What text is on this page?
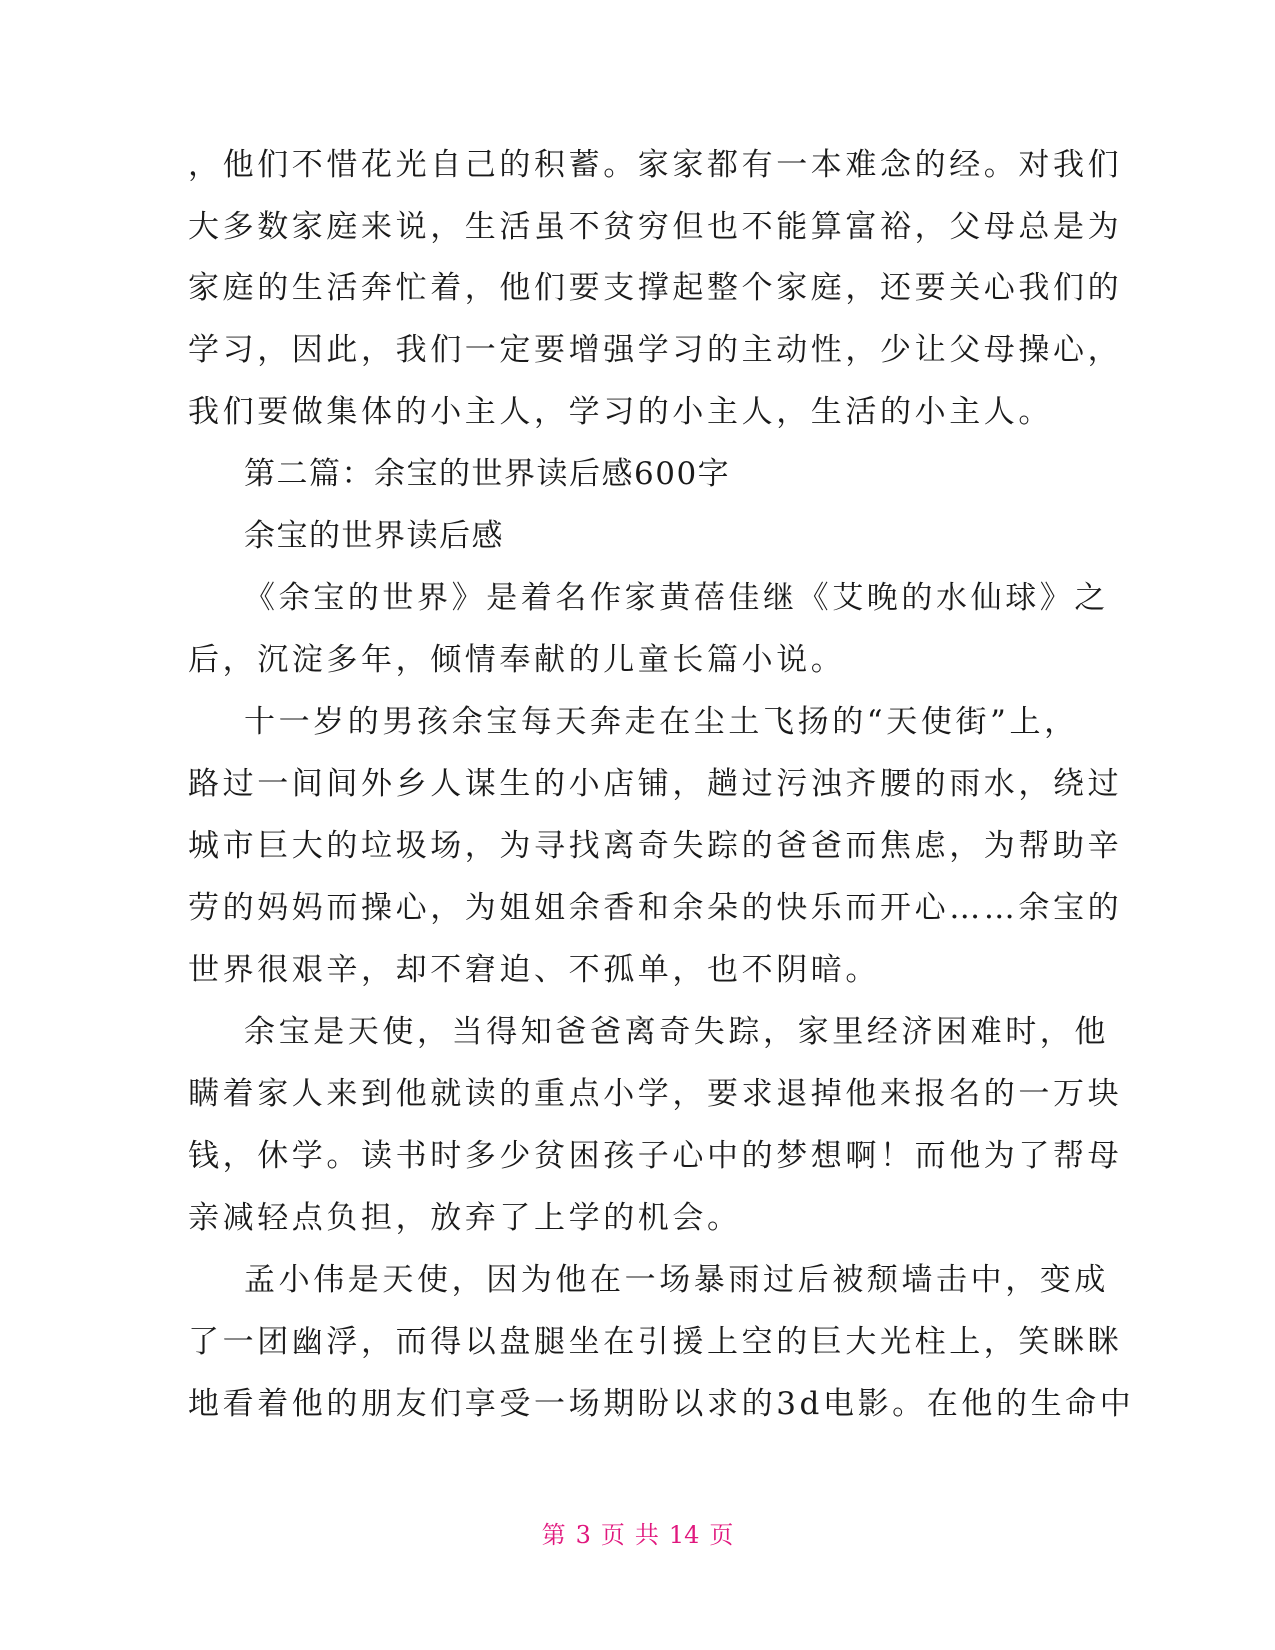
，他们不惜花光自己的积蓄。家家都有一本难念的经。对我们
大多数家庭来说，生活虽不贫穷但也不能算富裕，父母总是为
家庭的生活奔忙着，他们要支撑起整个家庭，还要关心我们的
学习，因此，我们一定要增强学习的主动性，少让父母操心，
我们要做集体的小主人，学习的小主人，生活的小主人。
第二篇：余宝的世界读后感600字
余宝的世界读后感
《余宝的世界》是着名作家黄蓓佳继《艾晚的水仙球》之
后，沉淀多年，倾情奉献的儿童长篇小说。
十一岁的男孩余宝每天奔走在尘土飞扬的“天使街”上，
路过一间间外乡人谋生的小店铺，趟过污浊齐腰的雨水，绕过
城市巨大的垃圾场，为寻找离奇失踪的爸爸而焦虑，为帮助辛
劳的妈妈而操心，为姐姐余香和余朵的快乐而开心……余宝的
世界很艰辛，却不窘迫、不孤单，也不阴暗。
余宝是天使，当得知爸爸离奇失踪，家里经济困难时，他
瞒着家人来到他就读的重点小学，要求退掉他来报名的一万块
钱，休学。读书时多少贫困孩子心中的梦想啊！而他为了帮母
亲减轻点负担，放弃了上学的机会。
孟小伟是天使，因为他在一场暴雨过后被颓墙击中，变成
了一团幽浮，而得以盘腿坐在引援上空的巨大光柱上，笑眯眯
地看着他的朋友们享受一场期盼以求的3d电影。在他的生命中
第 3 页 共 14 页
